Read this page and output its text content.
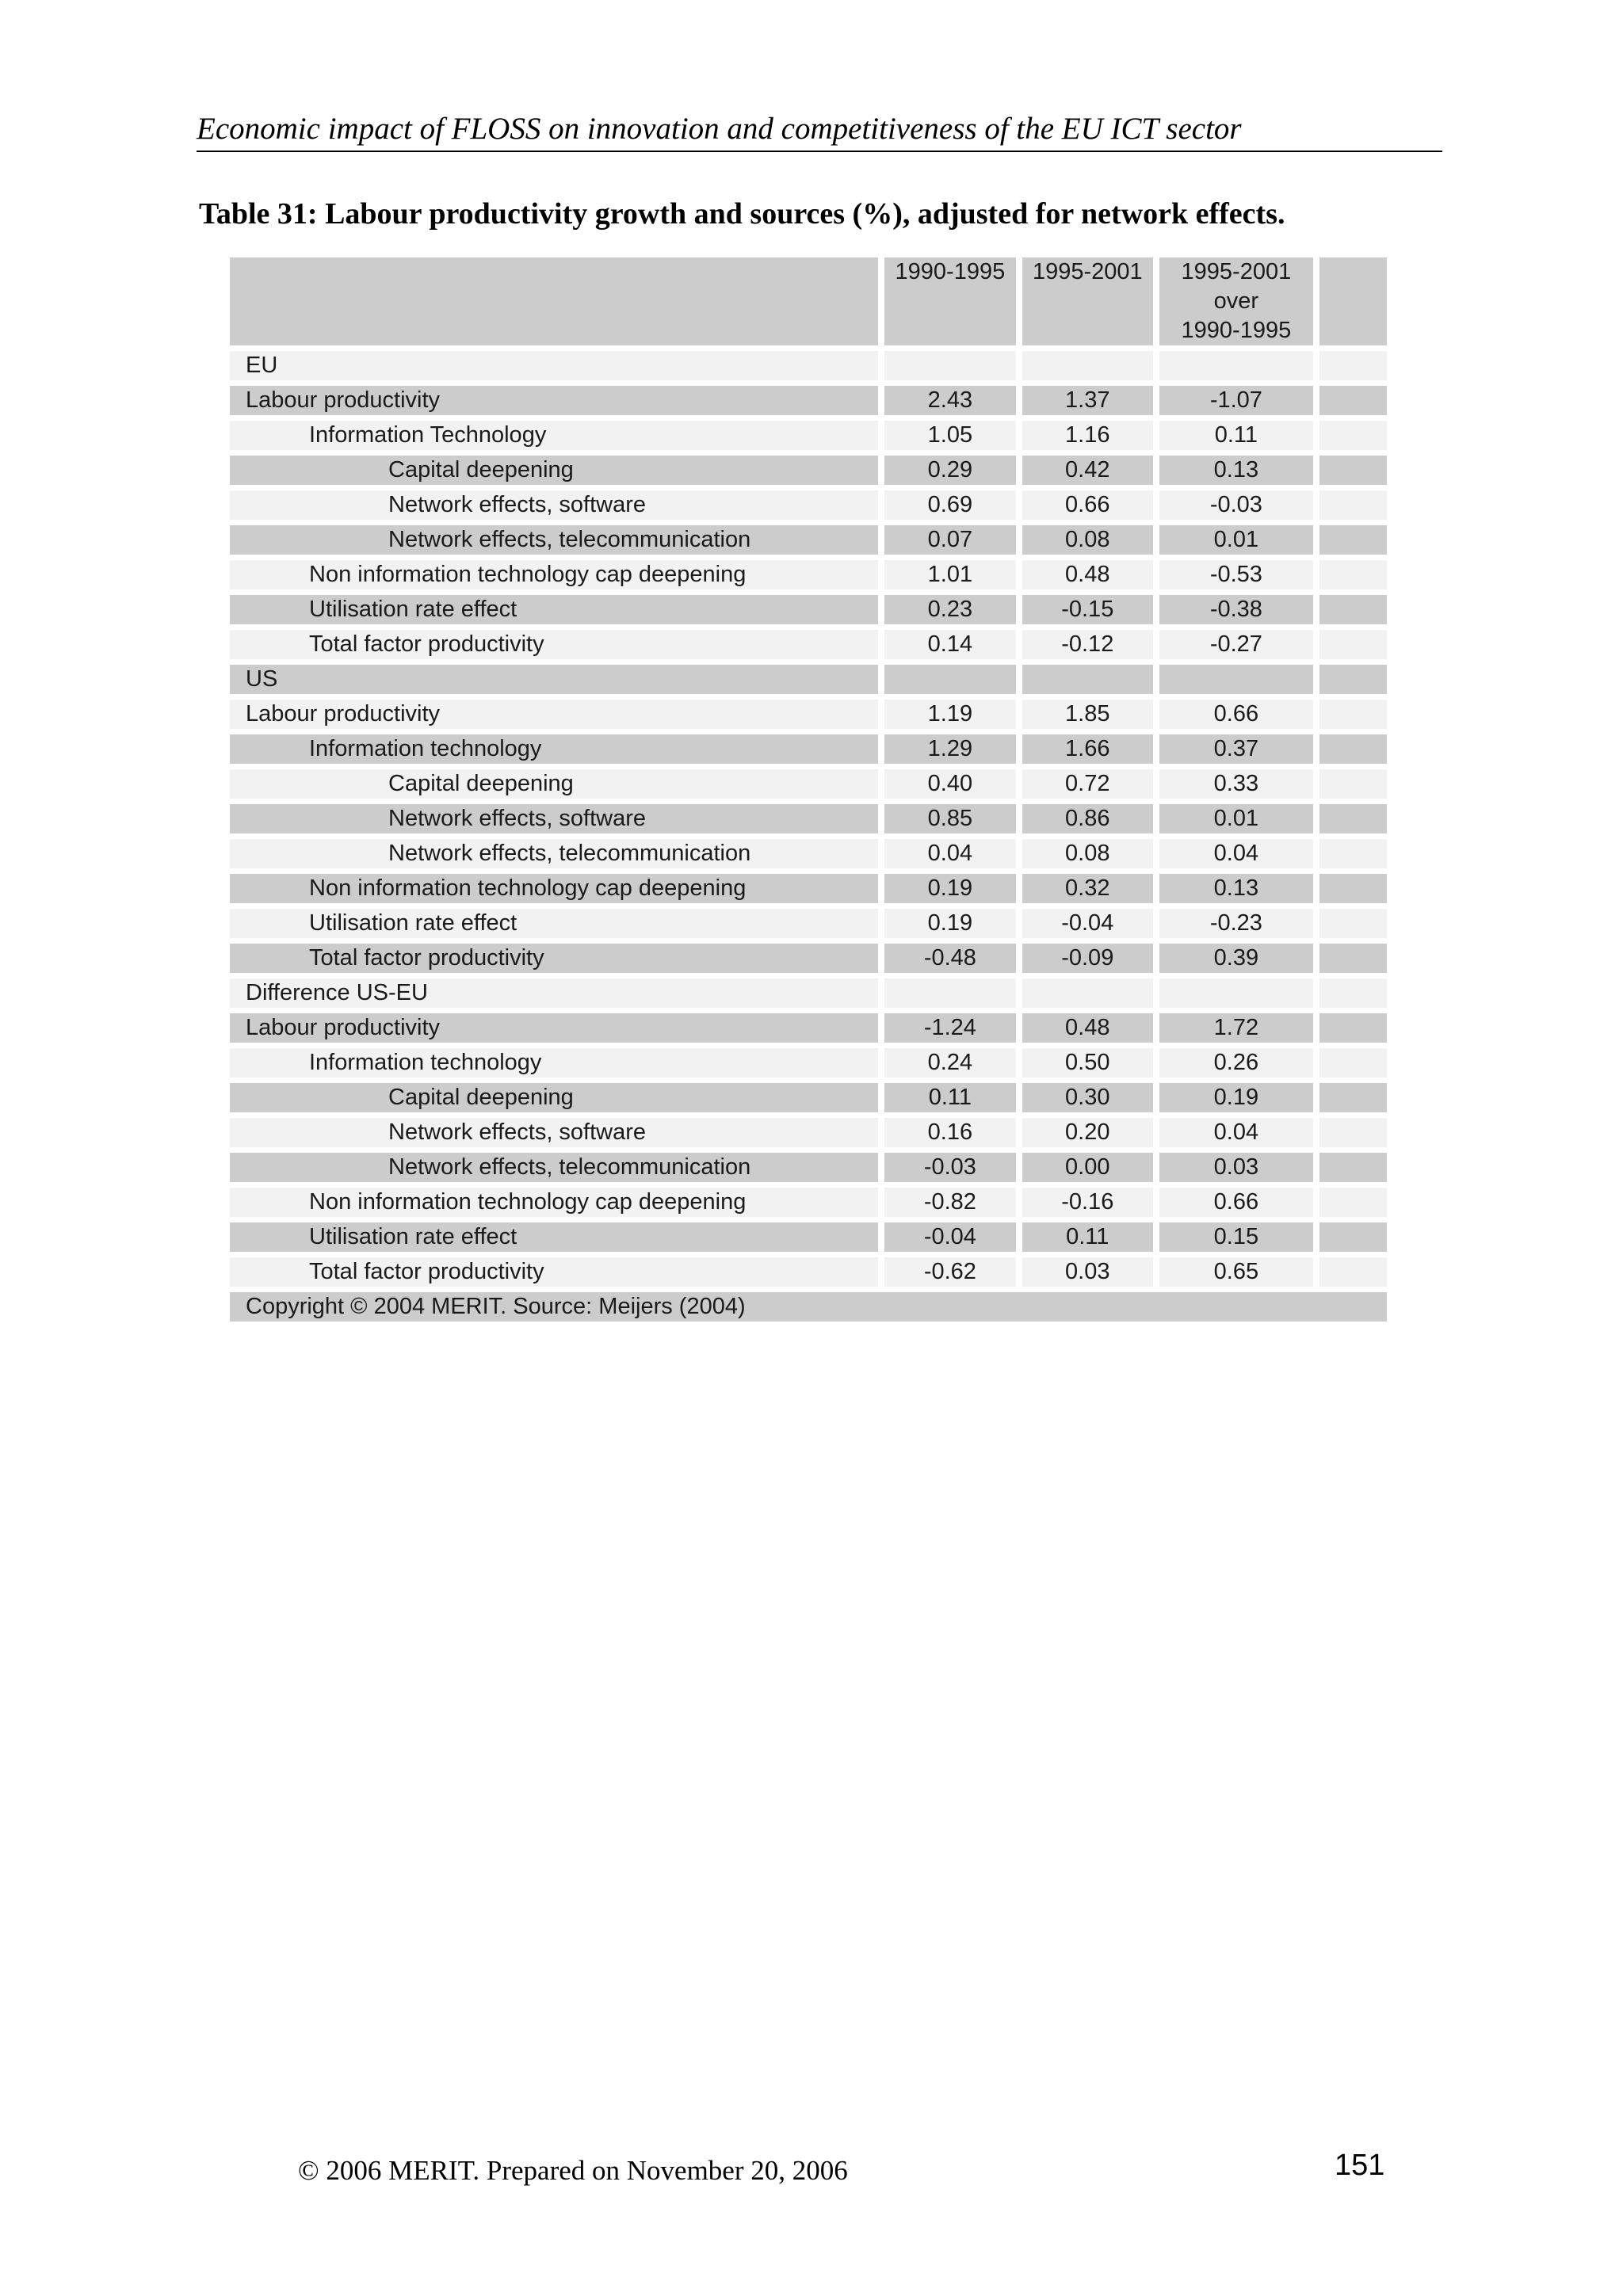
Economic impact of FLOSS on innovation and competitiveness of the EU ICT sector
Table 31: Labour productivity growth and sources (%), adjusted for network effects.
	1990-1995	1995-2001	1995-2001
over
1990-1995	
EU				
Labour productivity	2.43	1.37	-1.07	
Information Technology	1.05	1.16	0.11	
Capital deepening	0.29	0.42	0.13	
Network effects, software	0.69	0.66	-0.03	
Network effects, telecommunication	0.07	0.08	0.01	
Non information technology cap deepening	1.01	0.48	-0.53	
Utilisation rate effect	0.23	-0.15	-0.38	
Total factor productivity	0.14	-0.12	-0.27	
US				
Labour productivity	1.19	1.85	0.66	
Information technology	1.29	1.66	0.37	
Capital deepening	0.40	0.72	0.33	
Network effects, software	0.85	0.86	0.01	
Network effects, telecommunication	0.04	0.08	0.04	
Non information technology cap deepening	0.19	0.32	0.13	
Utilisation rate effect	0.19	-0.04	-0.23	
Total factor productivity	-0.48	-0.09	0.39	
Difference US-EU				
Labour productivity	-1.24	0.48	1.72	
Information technology	0.24	0.50	0.26	
Capital deepening	0.11	0.30	0.19	
Network effects, software	0.16	0.20	0.04	
Network effects, telecommunication	-0.03	0.00	0.03	
Non information technology cap deepening	-0.82	-0.16	0.66	
Utilisation rate effect	-0.04	0.11	0.15	
Total factor productivity	-0.62	0.03	0.65	
Copyright © 2004 MERIT. Source: Meijers (2004)				
© 2006 MERIT. Prepared on November 20, 2006	151
